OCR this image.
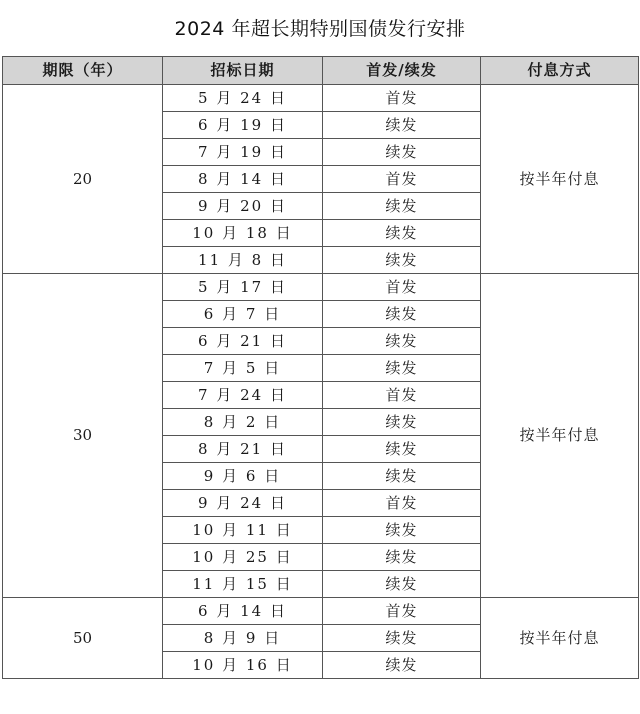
2024 年超长期特别国债发行安排
期限（年）	招标日期	首发/续发	付息方式
20	5 月 24 日	首发	按半年付息
	6 月 19 日	续发	
	7 月 19 日	续发	
	8 月 14 日	首发	
	9 月 20 日	续发	
	10 月 18 日	续发	
	11 月 8 日	续发	
30	5 月 17 日	首发	按半年付息
	6 月 7 日	续发	
	6 月 21 日	续发	
	7 月 5 日	续发	
	7 月 24 日	首发	
	8 月 2 日	续发	
	8 月 21 日	续发	
	9 月 6 日	续发	
	9 月 24 日	首发	
	10 月 11 日	续发	
	10 月 25 日	续发	
	11 月 15 日	续发	
50	6 月 14 日	首发	按半年付息
	8 月 9 日	续发	
	10 月 16 日	续发	
